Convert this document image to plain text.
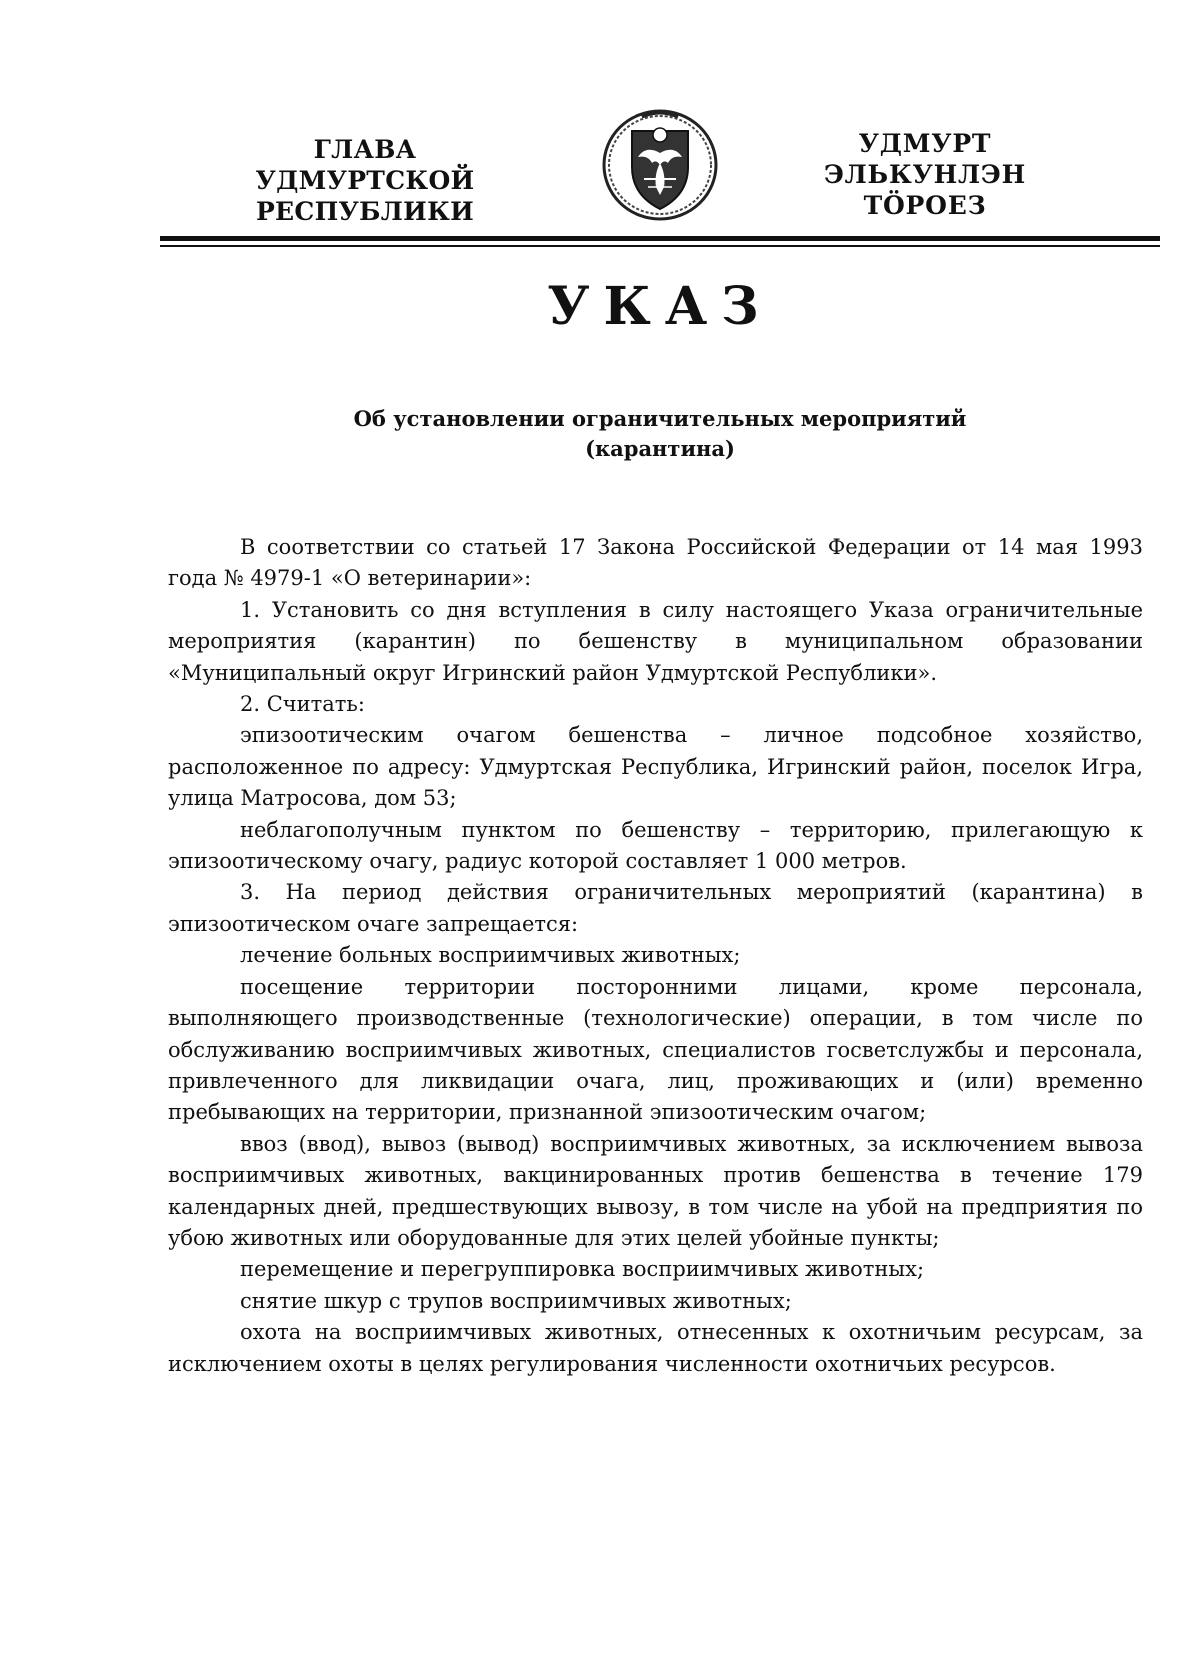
ГЛАВА
УДМУРТСКОЙ РЕСПУБЛИКИ
УДМУРТ ЭЛЬКУНЛЭН
ТӦРОЕЗ
УКАЗ
Об установлении ограничительных мероприятий
(карантина)

В соответствии со статьей 17 Закона Российской Федерации от 14 мая 1993 года № 4979-1 «О ветеринарии»:

1. Установить со дня вступления в силу настоящего Указа ограничительные мероприятия (карантин) по бешенству в муниципальном образовании «Муниципальный округ Игринский район Удмуртской Республики».

2. Считать:

эпизоотическим очагом бешенства – личное подсобное хозяйство, расположенное по адресу: Удмуртская Республика, Игринский район, поселок Игра, улица Матросова, дом 53;

неблагополучным пунктом по бешенству – территорию, прилегающую к эпизоотическому очагу, радиус которой составляет 1 000 метров.

3. На период действия ограничительных мероприятий (карантина) в эпизоотическом очаге запрещается:

лечение больных восприимчивых животных;

посещение территории посторонними лицами, кроме персонала, выполняющего производственные (технологические) операции, в том числе по обслуживанию восприимчивых животных, специалистов госветслужбы и персонала, привлеченного для ликвидации очага, лиц, проживающих и (или) временно пребывающих на территории, признанной эпизоотическим очагом;

ввоз (ввод), вывоз (вывод) восприимчивых животных, за исключением вывоза восприимчивых животных, вакцинированных против бешенства в течение 179 календарных дней, предшествующих вывозу, в том числе на убой на предприятия по убою животных или оборудованные для этих целей убойные пункты;

перемещение и перегруппировка восприимчивых животных;

снятие шкур с трупов восприимчивых животных;

охота на восприимчивых животных, отнесенных к охотничьим ресурсам, за исключением охоты в целях регулирования численности охотничьих ресурсов.
